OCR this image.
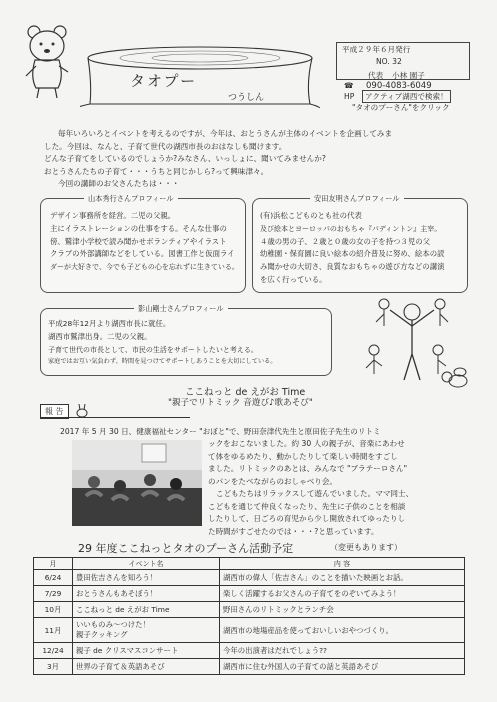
タオプー
つうしん
平成２９年６月発行
NO. 32
代表 小林 園子
☎ 090-4083-6049
HP	アクティブ湖西で検索！
"タオのプーさん"をクリック
毎年いろいろとイベントを考えるのですが、今年は、おとうさんが主体のイベントを企画してみま
した。今回は、なんと、子育て世代の湖西市長のおはなしも聞けます。
どんな子育てをしているのでしょうか?みなさん、いっしょに、聞いてみませんか?
おとうさんたちの子育て・・・うちと同じかしら?って興味津々。
今回の講師のお父さんたちは・・・
山本秀行さんプロフィール
デザイン事務所を経営。二児の父親。
主にイラストレーションの仕事をする。そんな仕事の
傍、鷲津小学校で読み聞かせボランティアやイラスト
クラブの外部講師などをしている。図書工作と仮面ライ
ダーが大好きで、今でも子どもの心を忘れずに生きている。
安田友明さんプロフィール
(有)浜松こどものとも社の代表
及び絵本とヨーロッパのおもちゃ『パディントン』主宰。
４歳の男の子、２歳と０歳の女の子を持つ３児の父
幼稚園・保育園に良い絵本の紹介普及に努め、絵本の読
み聞かせの大切さ、良質なおもちゃの遊び方などの講演
を広く行っている。
影山剛士さんプロフィール
平成28年12月より湖西市長に就任。
湖西市鷲津出身。二児の父親。
子育て世代の市長として、市民の生活をサポートしたいと考える。
家庭ではお互い気負わず、時間を見つけてサポートしあうことを大切にしている。
ここねっと de えがお Time
"親子でリトミック 音遊び♪歌あそび"
報 告
2017 年 5 月 30 日、健康福祉センター "おぼと"で、野田奈津代先生と原田佐子先生のリトミ
ックをおこないました。約 30 人の親子が、音楽にあわせ
て体をゆるめたり、動かしたりして楽しい時間をすごし
ました。リトミックのあとは、みんなで "ブラテーロさん"
のパンをたべながらのおしゃべり会。
こどもたちはリラックスして遊んでいました。ママ同士、
こどもを通じて仲良くなったり、先生に子供のことを相談
したりして、日ごろの育児から少し開放されてゆったりし
た時間がすごせたのでは・・・?と思っています。
29 年度ここねっとタオのプーさん活動予定	（変更もあります）
月	イベント名	内 容
6/24	豊田佐吉さんを知ろう！	湖西市の偉人「佐吉さん」のことを描いた映画とお話。
7/29	おとうさんもあそぼう！	楽しく活躍するお父さんの子育てをのぞいてみよう！
10月	ここねっと de えがお Time	野田さんのリトミックとランチ会
11月	いいものみ～つけた！
親子クッキング	湖西市の地場産品を使っておいしいおやつづくり。
12/24	親子 de クリスマスコンサート	今年の出演者はだれでしょう??
3月	世界の子育て＆英語あそび	湖西市に住む外国人の子育ての話と英語あそび
